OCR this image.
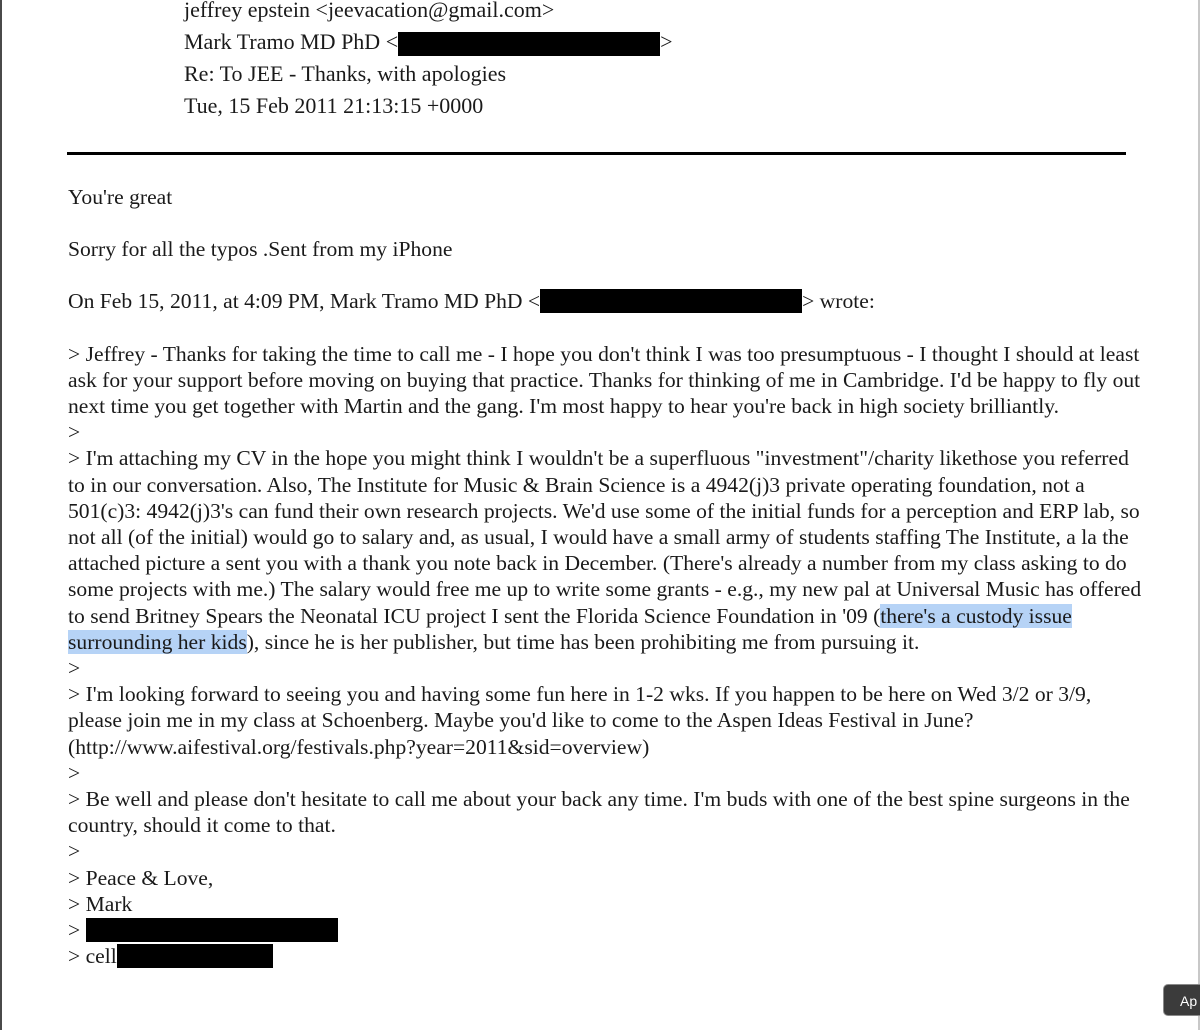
jeffrey epstein <jeevacation@gmail.com>
Mark Tramo MD PhD <	>
Re: To JEE - Thanks, with apologies
Tue, 15 Feb 2011 21:13:15 +0000
You're great
Sorry for all the typos .Sent from my iPhone
On Feb 15, 2011, at 4:09 PM, Mark Tramo MD PhD <	> wrote:
> Jeffrey - Thanks for taking the time to call me - I hope you don't think I was too presumptuous - I thought I should at least ask for your support before moving on buying that practice. Thanks for thinking of me in Cambridge. I'd be happy to fly out next time you get together with Martin and the gang. I'm most happy to hear you're back in high society brilliantly.
>
> I'm attaching my CV in the hope you might think I wouldn't be a superfluous "investment"/charity likethose you referred to in our conversation. Also, The Institute for Music & Brain Science is a 4942(j)3 private operating foundation, not a 501(c)3: 4942(j)3's can fund their own research projects. We'd use some of the initial funds for a perception and ERP lab, so not all (of the initial) would go to salary and, as usual, I would have a small army of students staffing The Institute, a la the attached picture a sent you with a thank you note back in December. (There's already a number from my class asking to do some projects with me.) The salary would free me up to write some grants - e.g., my new pal at Universal Music has offered to send Britney Spears the Neonatal ICU project I sent the Florida Science Foundation in '09 (there's a custody issue surrounding her kids), since he is her publisher, but time has been prohibiting me from pursuing it.
>
> I'm looking forward to seeing you and having some fun here in 1-2 wks. If you happen to be here on Wed 3/2 or 3/9, please join me in my class at Schoenberg. Maybe you'd like to come to the Aspen Ideas Festival in June? (http://www.aifestival.org/festivals.php?year=2011&sid=overview)
>
> Be well and please don't hesitate to call me about your back any time. I'm buds with one of the best spine surgeons in the country, should it come to that.
>
> Peace & Love,
> Mark
>
> cell
Ap
